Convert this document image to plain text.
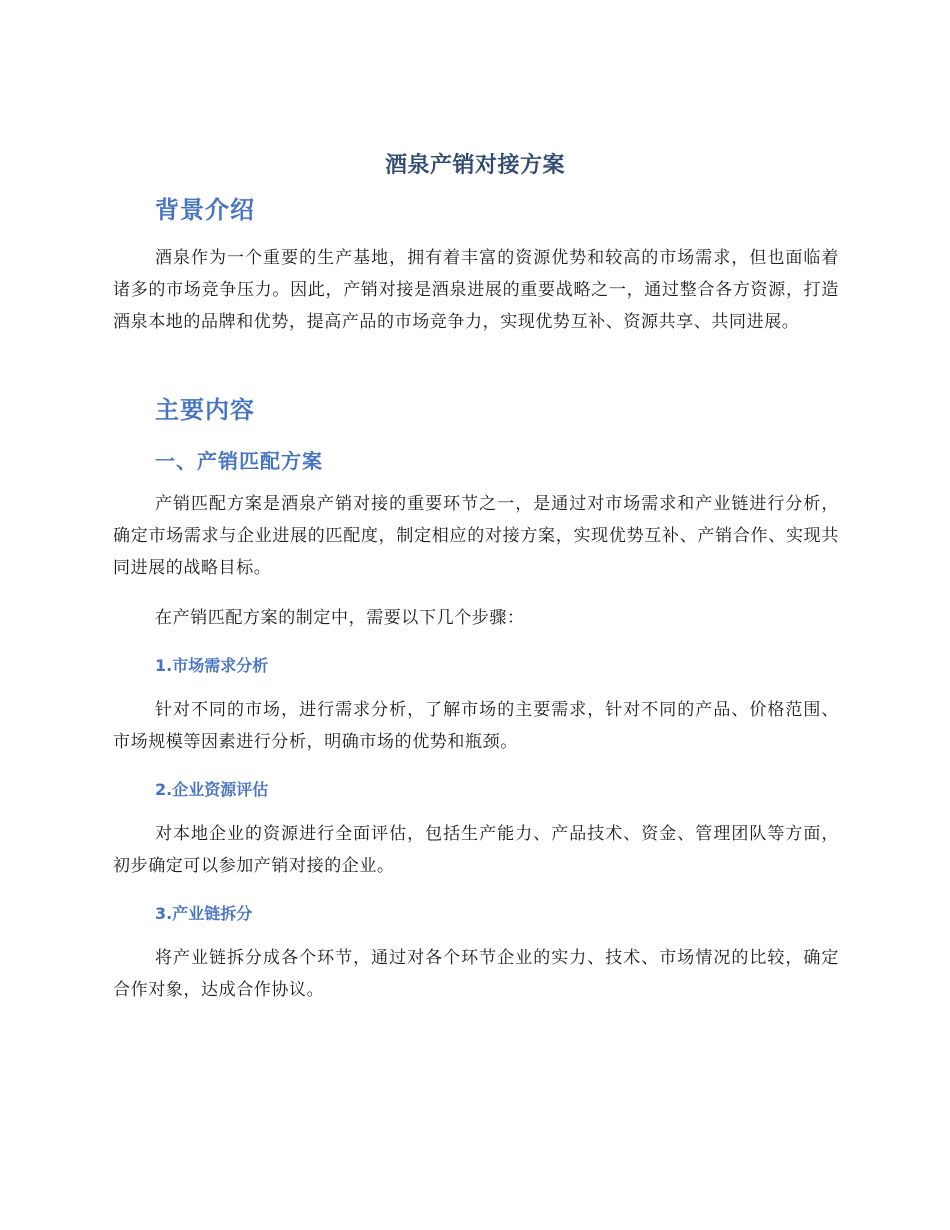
酒泉产销对接方案
背景介绍
酒泉作为一个重要的生产基地，拥有着丰富的资源优势和较高的市场需求，但也面临着诸多的市场竞争压力。因此，产销对接是酒泉进展的重要战略之一，通过整合各方资源，打造酒泉本地的品牌和优势，提高产品的市场竞争力，实现优势互补、资源共享、共同进展。
主要内容
一、产销匹配方案
产销匹配方案是酒泉产销对接的重要环节之一，是通过对市场需求和产业链进行分析，确定市场需求与企业进展的匹配度，制定相应的对接方案，实现优势互补、产销合作、实现共同进展的战略目标。
在产销匹配方案的制定中，需要以下几个步骤：
1.市场需求分析
针对不同的市场，进行需求分析，了解市场的主要需求，针对不同的产品、价格范围、市场规模等因素进行分析，明确市场的优势和瓶颈。
2.企业资源评估
对本地企业的资源进行全面评估，包括生产能力、产品技术、资金、管理团队等方面，初步确定可以参加产销对接的企业。
3.产业链拆分
将产业链拆分成各个环节，通过对各个环节企业的实力、技术、市场情况的比较，确定合作对象，达成合作协议。
